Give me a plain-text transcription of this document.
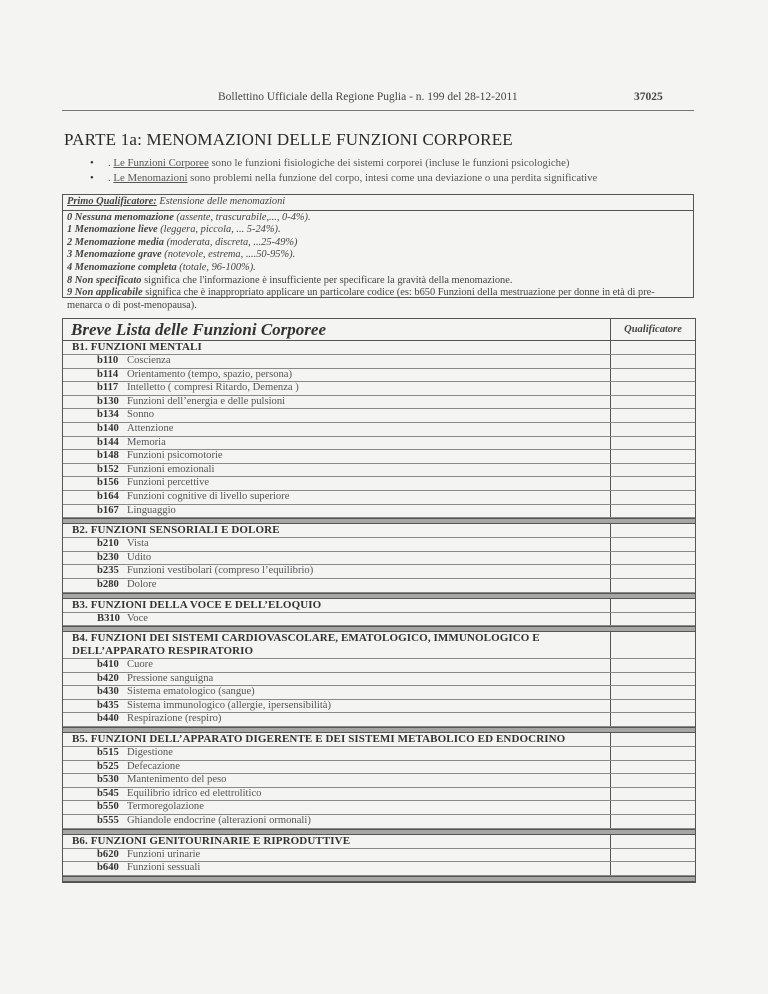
Bollettino Ufficiale della Regione Puglia - n. 199 del 28-12-2011	37025
PARTE 1a: MENOMAZIONI DELLE FUNZIONI CORPOREE
• . Le Funzioni Corporee sono le funzioni fisiologiche dei sistemi corporei (incluse le funzioni psicologiche)
• . Le Menomazioni sono problemi nella funzione del corpo, intesi come una deviazione o una perdita significative
Primo Qualificatore: Estensione delle menomazioni
0 Nessuna menomazione (assente, trascurabile,..., 0-4%).
1 Menomazione lieve (leggera, piccola, ... 5-24%).
2 Menomazione media (moderata, discreta, ...25-49%)
3 Menomazione grave (notevole, estrema, ....50-95%).
4 Menomazione completa (totale, 96-100%).
8 Non specificato significa che l'informazione è insufficiente per specificare la gravità della menomazione.
9 Non applicabile significa che è inappropriato applicare un particolare codice (es: b650 Funzioni della mestruazione per donne in età di pre-menarca o di post-menopausa).
Breve Lista delle Funzioni Corporee	Qualificatore
B1. FUNZIONI MENTALI
b110 Coscienza
b114 Orientamento (tempo, spazio, persona)
b117 Intelletto ( compresi Ritardo, Demenza )
b130 Funzioni dell’energia e delle pulsioni
b134 Sonno
b140 Attenzione
b144 Memoria
b148 Funzioni psicomotorie
b152 Funzioni emozionali
b156 Funzioni percettive
b164 Funzioni cognitive di livello superiore
b167 Linguaggio
B2. FUNZIONI SENSORIALI E DOLORE
b210 Vista
b230 Udito
b235 Funzioni vestibolari (compreso l’equilibrio)
b280 Dolore
B3. FUNZIONI DELLA VOCE E DELL’ELOQUIO
B310 Voce
B4. FUNZIONI DEI SISTEMI CARDIOVASCOLARE, EMATOLOGICO, IMMUNOLOGICO E
DELL’APPARATO RESPIRATORIO
b410 Cuore
b420 Pressione sanguigna
b430 Sistema ematologico (sangue)
b435 Sistema immunologico (allergie, ipersensibilità)
b440 Respirazione (respiro)
B5. FUNZIONI DELL’APPARATO DIGERENTE E DEI SISTEMI METABOLICO ED ENDOCRINO
b515 Digestione
b525 Defecazione
b530 Mantenimento del peso
b545 Equilibrio idrico ed elettrolitico
b550 Termoregolazione
b555 Ghiandole endocrine (alterazioni ormonali)
B6. FUNZIONI GENITOURINARIE E RIPRODUTTIVE
b620 Funzioni urinarie
b640 Funzioni sessuali
